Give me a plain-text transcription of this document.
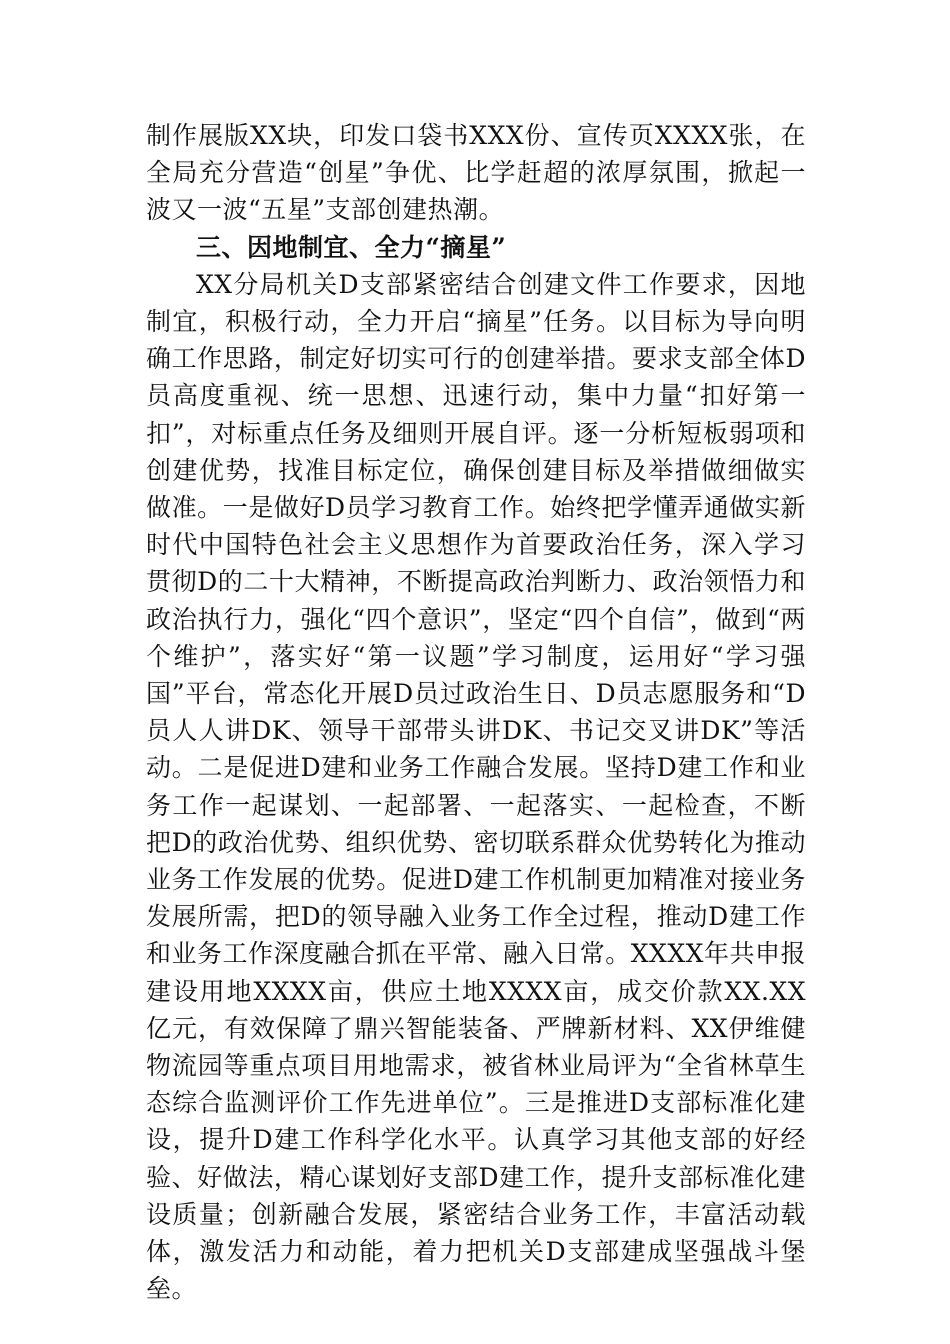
制作展版XX块，印发口袋书XXX份、宣传页XXXX张，在全局充分营造“创星”争优、比学赶超的浓厚氛围，掀起一波又一波“五星”支部创建热潮。

三、因地制宜、全力“摘星”

XX分局机关D支部紧密结合创建文件工作要求，因地制宜，积极行动，全力开启“摘星”任务。以目标为导向明确工作思路，制定好切实可行的创建举措。要求支部全体D员高度重视、统一思想、迅速行动，集中力量“扣好第一扣”，对标重点任务及细则开展自评。逐一分析短板弱项和创建优势，找准目标定位，确保创建目标及举措做细做实做准。一是做好D员学习教育工作。始终把学懂弄通做实新时代中国特色社会主义思想作为首要政治任务，深入学习贯彻D的二十大精神，不断提高政治判断力、政治领悟力和政治执行力，强化“四个意识”，坚定“四个自信”，做到“两个维护”，落实好“第一议题”学习制度，运用好“学习强国”平台，常态化开展D员过政治生日、D员志愿服务和“D员人人讲DK、领导干部带头讲DK、书记交叉讲DK”等活动。二是促进D建和业务工作融合发展。坚持D建工作和业务工作一起谋划、一起部署、一起落实、一起检查，不断把D的政治优势、组织优势、密切联系群众优势转化为推动业务工作发展的优势。促进D建工作机制更加精准对接业务发展所需，把D的领导融入业务工作全过程，推动D建工作和业务工作深度融合抓在平常、融入日常。XXXX年共申报建设用地XXXX亩，供应土地XXXX亩，成交价款XX.XX亿元，有效保障了鼎兴智能装备、严牌新材料、XX伊维健物流园等重点项目用地需求，被省林业局评为“全省林草生态综合监测评价工作先进单位”。三是推进D支部标准化建设，提升D建工作科学化水平。认真学习其他支部的好经验、好做法，精心谋划好支部D建工作，提升支部标准化建设质量；创新融合发展，紧密结合业务工作，丰富活动载体，激发活力和动能，着力把机关D支部建成坚强战斗堡垒。
